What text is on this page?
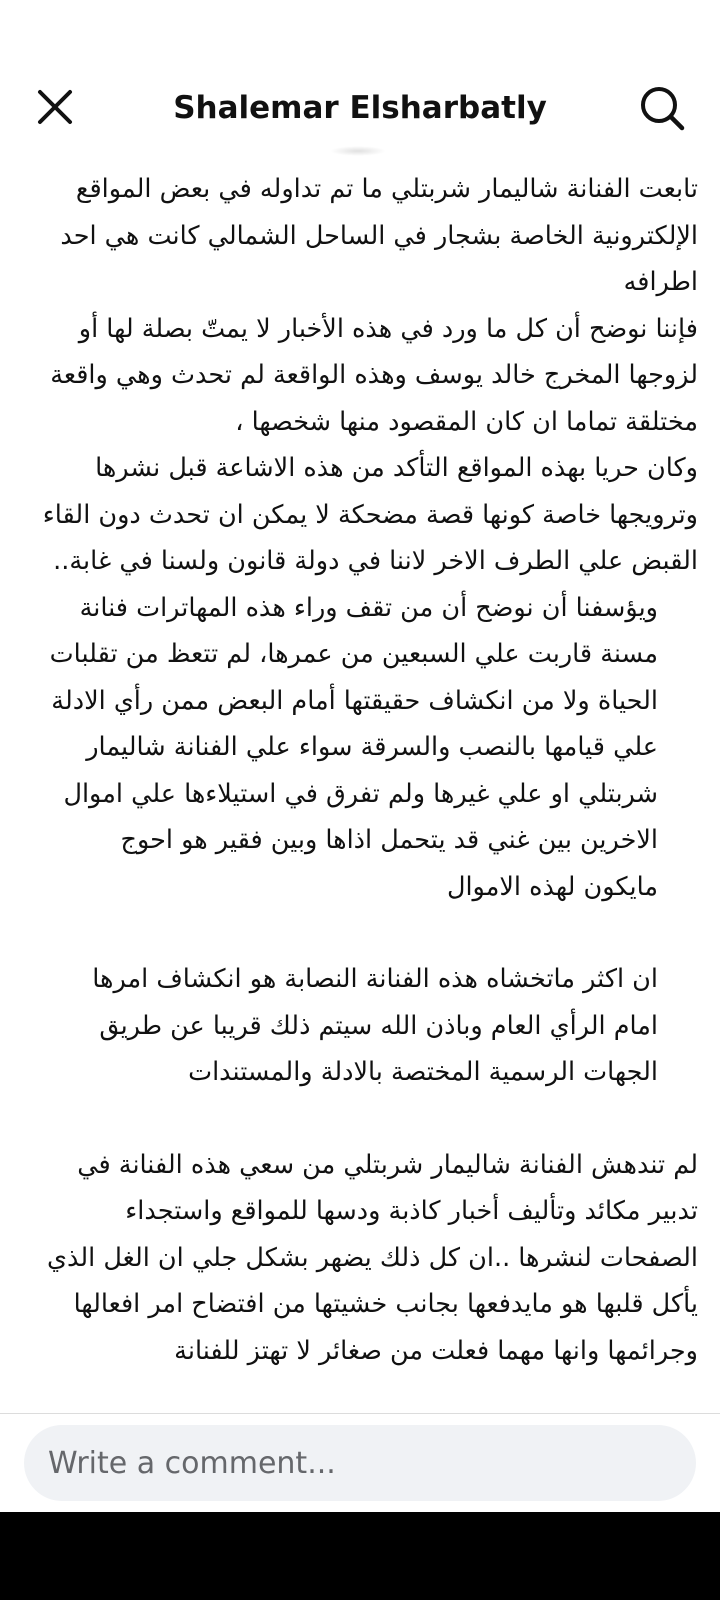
Shalemar Elsharbatly
تابعت الفنانة شاليمار شربتلي ما تم تداوله في بعض المواقع الإلكترونية الخاصة بشجار في الساحل الشمالي كانت هي احد اطرافه
فإننا نوضح أن كل ما ورد في هذه الأخبار لا يمتّ بصلة لها أو لزوجها المخرج خالد يوسف وهذه الواقعة لم تحدث وهي واقعة مختلقة تماما ان كان المقصود منها شخصها ،
وكان حريا بهذه المواقع التأكد من هذه الاشاعة قبل نشرها وترويجها خاصة كونها قصة مضحكة لا يمكن ان تحدث دون القاء القبض علي الطرف الاخر لاننا في دولة قانون ولسنا في غابة..
ويؤسفنا أن نوضح أن من تقف وراء هذه المهاترات فنانة مسنة قاربت علي السبعين من عمرها، لم تتعظ من تقلبات الحياة ولا من انكشاف حقيقتها أمام البعض ممن رأي الادلة علي قيامها بالنصب والسرقة سواء علي الفنانة شاليمار شربتلي او علي غيرها ولم تفرق في استيلاءها علي اموال الاخرين بين غني قد يتحمل اذاها وبين فقير هو احوج مايكون لهذه الاموال
ان اكثر ماتخشاه هذه الفنانة النصابة هو انكشاف امرها امام الرأي العام وباذن الله سيتم ذلك قريبا عن طريق الجهات الرسمية المختصة بالادلة والمستندات
لم تندهش الفنانة شاليمار شربتلي من سعي هذه الفنانة في تدبير مكائد وتأليف أخبار كاذبة ودسها للمواقع واستجداء الصفحات لنشرها ..ان كل ذلك يضهر بشكل جلي ان الغل الذي يأكل قلبها هو مايدفعها بجانب خشيتها من افتضاح امر افعالها وجرائمها وانها مهما فعلت من صغائر لا تهتز للفنانة
Write a comment...
